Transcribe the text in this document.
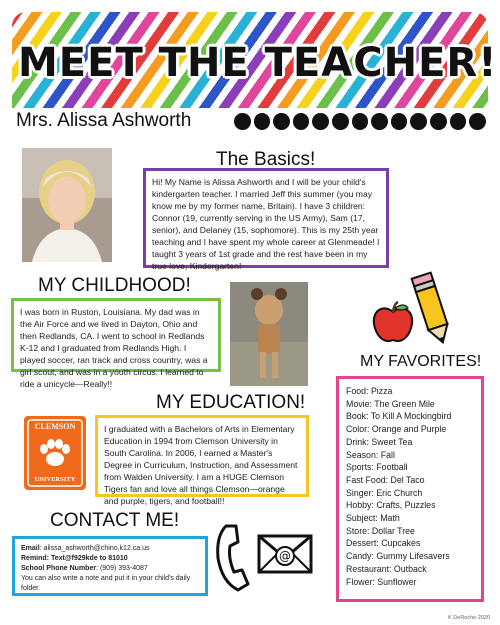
MEET THE TEACHER!
Mrs. Alissa Ashworth
The Basics!
Hi! My Name is Alissa Ashworth and I will be your child's kindergarten teacher. I married Jeff this summer (you may know me by my former name, Britain). I have 3 children: Connor (19, currently serving in the US Army), Sam (17, senior), and Delaney (15, sophomore). This is my 25th year teaching and I have spent my whole career at Glenmeade! I taught 3 years of 1st grade and the rest have been in my true love, Kindergarten!
MY CHILDHOOD!
I was born in Ruston, Louisiana. My dad was in the Air Force and we lived in Dayton, Ohio and then Redlands, CA. I went to school in Redlands K-12 and I graduated from Redlands High. I played soccer, ran track and cross country, was a girl scout, and was in a youth circus. I learned to ride a unicycle—Really!!
MY FAVORITES!
Food: Pizza
Movie: The Green Mile
Book: To Kill A Mockingbird
Color: Orange and Purple
Drink: Sweet Tea
Season: Fall
Sports: Football
Fast Food: Del Taco
Singer: Eric Church
Hobby: Crafts, Puzzles
Subject: Math
Store: Dollar Tree
Dessert: Cupcakes
Candy: Gummy Lifesavers
Restaurant: Outback
Flower: Sunflower
MY EDUCATION!
CLEMSON
UNIVERSITY
I graduated with a Bachelors of Arts in Elementary Education in 1994 from Clemson University in South Carolina. In 2006, I earned a Master's Degree in Curriculum, Instruction, and Assessment from Walden University. I am a HUGE Clemson Tigers fan and love all things Clemson—orange and purple, tigers, and football!!
CONTACT ME!
Email: alissa_ashworth@chino.k12.ca.us
Remind: Text@f929kde to 81010
School Phone Number: (909) 393-4087
You can also write a note and put it in your child's daily folder.
@
K DeRoche 2020
